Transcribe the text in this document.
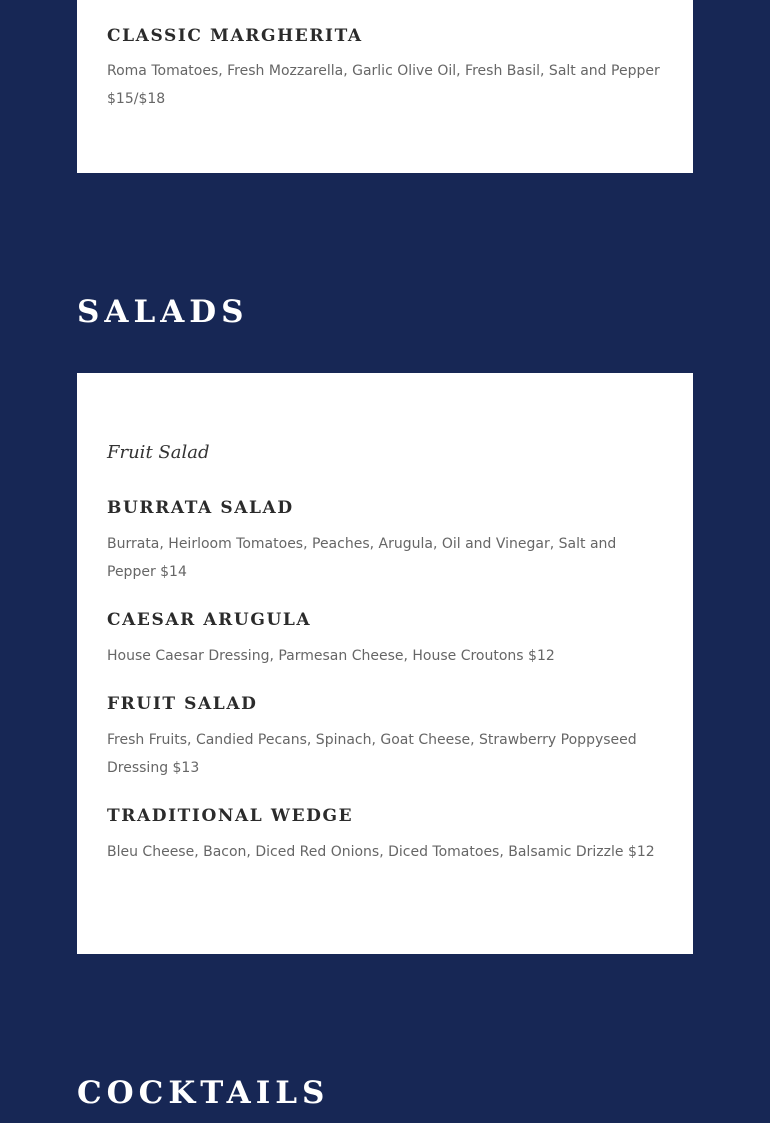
CLASSIC MARGHERITA
Roma Tomatoes, Fresh Mozzarella, Garlic Olive Oil, Fresh Basil, Salt and Pepper $15/$18
SALADS
Fruit Salad
BURRATA SALAD
Burrata, Heirloom Tomatoes, Peaches, Arugula, Oil and Vinegar, Salt and Pepper $14
CAESAR ARUGULA
House Caesar Dressing, Parmesan Cheese, House Croutons $12
FRUIT SALAD
Fresh Fruits, Candied Pecans, Spinach, Goat Cheese, Strawberry Poppyseed Dressing $13
TRADITIONAL WEDGE
Bleu Cheese, Bacon, Diced Red Onions, Diced Tomatoes, Balsamic Drizzle $12
COCKTAILS
